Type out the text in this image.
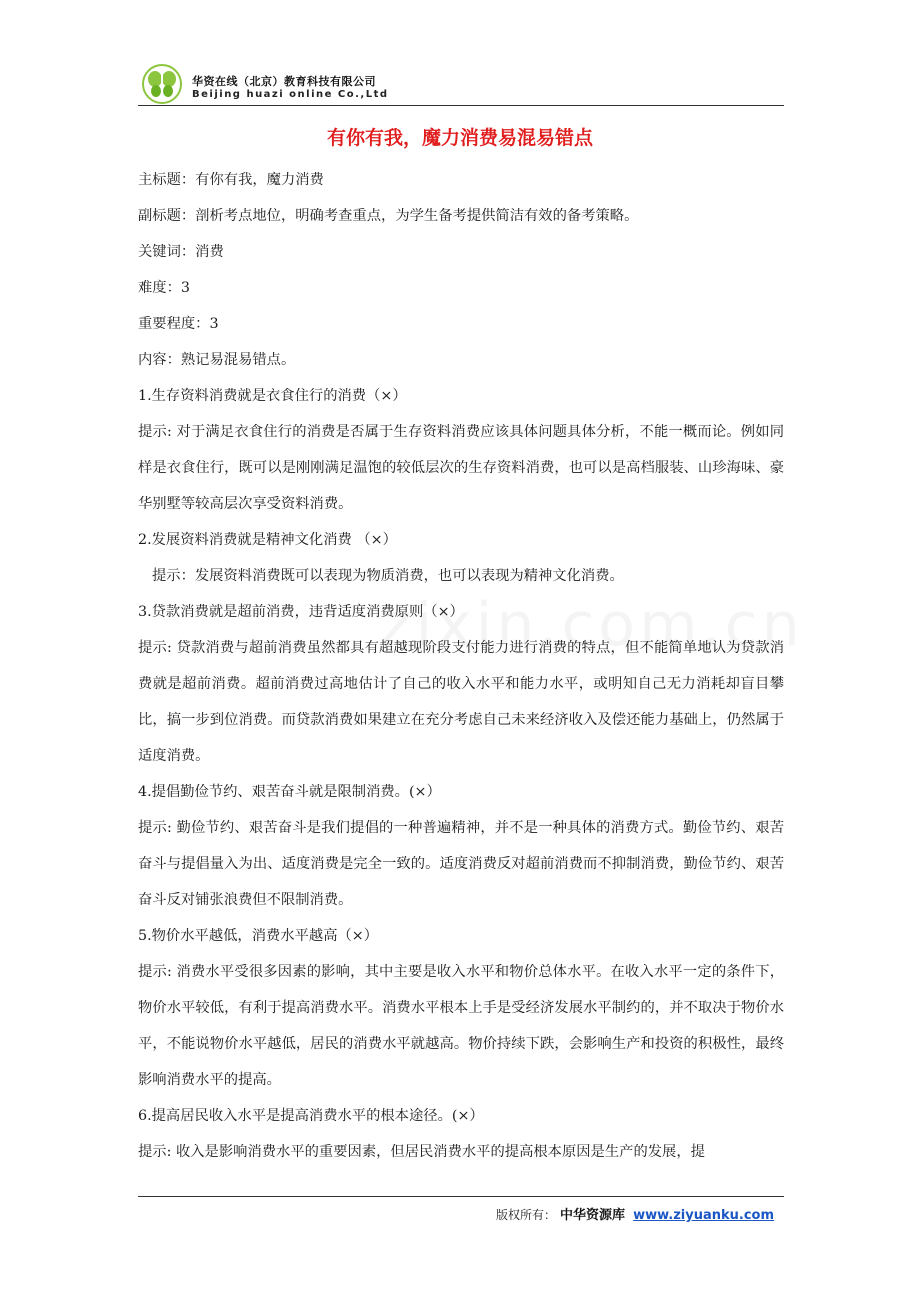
华资在线（北京）教育科技有限公司
Beijing huazi online Co.,Ltd
有你有我，魔力消费易混易错点

主标题：有你有我，魔力消费

副标题：剖析考点地位，明确考查重点，为学生备考提供简洁有效的备考策略。

关键词：消费

难度：3

重要程度：3

内容：熟记易混易错点。

1.生存资料消费就是衣食住行的消费（×）

提示: 对于满足衣食住行的消费是否属于生存资料消费应该具体问题具体分析，不能一概而论。例如同样是衣食住行，既可以是刚刚满足温饱的较低层次的生存资料消费，也可以是高档服装、山珍海味、豪华别墅等较高层次享受资料消费。

2.发展资料消费就是精神文化消费 （×）

提示：发展资料消费既可以表现为物质消费，也可以表现为精神文化消费。

3.贷款消费就是超前消费，违背适度消费原则（×）

提示: 贷款消费与超前消费虽然都具有超越现阶段支付能力进行消费的特点，但不能简单地认为贷款消费就是超前消费。超前消费过高地估计了自己的收入水平和能力水平，或明知自己无力消耗却盲目攀比，搞一步到位消费。而贷款消费如果建立在充分考虑自己未来经济收入及偿还能力基础上，仍然属于适度消费。

4.提倡勤俭节约、艰苦奋斗就是限制消费。(×）

提示: 勤俭节约、艰苦奋斗是我们提倡的一种普遍精神，并不是一种具体的消费方式。勤俭节约、艰苦奋斗与提倡量入为出、适度消费是完全一致的。适度消费反对超前消费而不抑制消费，勤俭节约、艰苦奋斗反对铺张浪费但不限制消费。

5.物价水平越低，消费水平越高（×）

提示: 消费水平受很多因素的影响，其中主要是收入水平和物价总体水平。在收入水平一定的条件下，物价水平较低，有利于提高消费水平。消费水平根本上手是受经济发展水平制约的，并不取决于物价水平，不能说物价水平越低，居民的消费水平就越高。物价持续下跌，会影响生产和投资的积极性，最终影响消费水平的提高。

6.提高居民收入水平是提高消费水平的根本途径。(×）

提示: 收入是影响消费水平的重要因素，但居民消费水平的提高根本原因是生产的发展，提

版权所有： 中华资源库 www.ziyuanku.com
